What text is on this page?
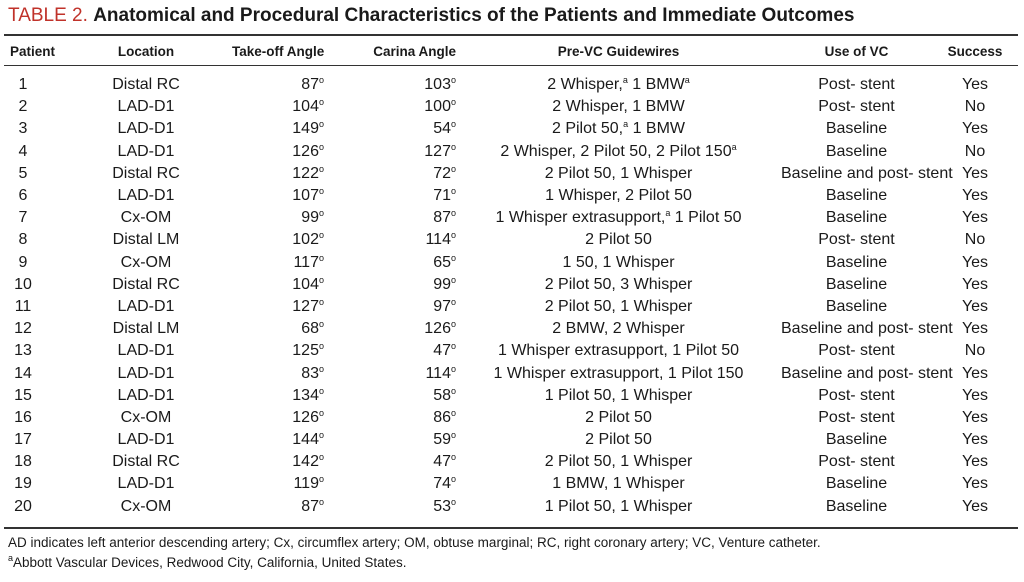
TABLE 2. Anatomical and Procedural Characteristics of the Patients and Immediate Outcomes
Patient	Location	Take-off Angle	Carina Angle	Pre-VC Guidewires	Use of VC	Success

1	Distal RC	87$^o$	103$^o$	2 Whisper,$^a$ 1 BMW$^a$	Post- stent	Yes
2	LAD-D1	104$^o$	100$^o$	2 Whisper, 1 BMW	Post- stent	No
3	LAD-D1	149$^o$	54$^o$	2 Pilot 50,$^a$ 1 BMW	Baseline	Yes
4	LAD-D1	126$^o$	127$^o$	2 Whisper, 2 Pilot 50, 2 Pilot 150$^a$	Baseline	No
5	Distal RC	122$^o$	72$^o$	2 Pilot 50, 1 Whisper	Baseline and post- stent	Yes
6	LAD-D1	107$^o$	71$^o$	1 Whisper, 2 Pilot 50	Baseline	Yes
7	Cx-OM	99$^o$	87$^o$	1 Whisper extrasupport,$^a$ 1 Pilot 50	Baseline	Yes
8	Distal LM	102$^o$	114$^o$	2 Pilot 50	Post- stent	No
9	Cx-OM	117$^o$	65$^o$	1 50, 1 Whisper	Baseline	Yes
10	Distal RC	104$^o$	99$^o$	2 Pilot 50, 3 Whisper	Baseline	Yes
11	LAD-D1	127$^o$	97$^o$	2 Pilot 50, 1 Whisper	Baseline	Yes
12	Distal LM	68$^o$	126$^o$	2 BMW, 2 Whisper	Baseline and post- stent	Yes
13	LAD-D1	125$^o$	47$^o$	1 Whisper extrasupport, 1 Pilot 50	Post- stent	No
14	LAD-D1	83$^o$	114$^o$	1 Whisper extrasupport, 1 Pilot 150	Baseline and post- stent	Yes
15	LAD-D1	134$^o$	58$^o$	1 Pilot 50, 1 Whisper	Post- stent	Yes
16	Cx-OM	126$^o$	86$^o$	2 Pilot 50	Post- stent	Yes
17	LAD-D1	144$^o$	59$^o$	2 Pilot 50	Baseline	Yes
18	Distal RC	142$^o$	47$^o$	2 Pilot 50, 1 Whisper	Post- stent	Yes
19	LAD-D1	119$^o$	74$^o$	1 BMW, 1 Whisper	Baseline	Yes
20	Cx-OM	87$^o$	53$^o$	1 Pilot 50, 1 Whisper	Baseline	Yes
AD indicates left anterior descending artery; Cx, circumflex artery; OM, obtuse marginal; RC, right coronary artery; VC, Venture catheter.
$^a$Abbott Vascular Devices, Redwood City, California, United States.
